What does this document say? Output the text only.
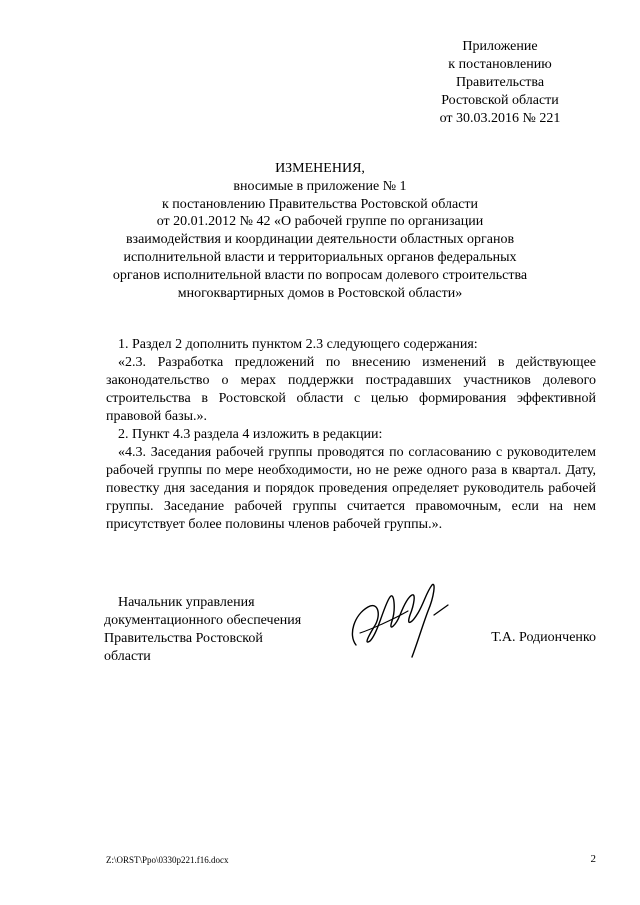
Приложение
к постановлению
Правительства
Ростовской области
от 30.03.2016 № 221
ИЗМЕНЕНИЯ,
вносимые в приложение № 1
к постановлению Правительства Ростовской области
от 20.01.2012 № 42 «О рабочей группе по организации
взаимодействия и координации деятельности областных органов
исполнительной власти и территориальных органов федеральных
органов исполнительной власти по вопросам долевого строительства
многоквартирных домов в Ростовской области»
1. Раздел 2 дополнить пунктом 2.3 следующего содержания:
«2.3. Разработка предложений по внесению изменений в действующее законодательство о мерах поддержки пострадавших участников долевого строительства в Ростовской области с целью формирования эффективной правовой базы.».
2. Пункт 4.3 раздела 4 изложить в редакции:
«4.3. Заседания рабочей группы проводятся по согласованию с руководителем рабочей группы по мере необходимости, но не реже одного раза в квартал. Дату, повестку дня заседания и порядок проведения определяет руководитель рабочей группы. Заседание рабочей группы считается правомочным, если на нем присутствует более половины членов рабочей группы.».
Начальник управления
документационного обеспечения
Правительства Ростовской области
Т.А. Родионченко
Z:\ORST\Ppo\0330p221.f16.docx	2
